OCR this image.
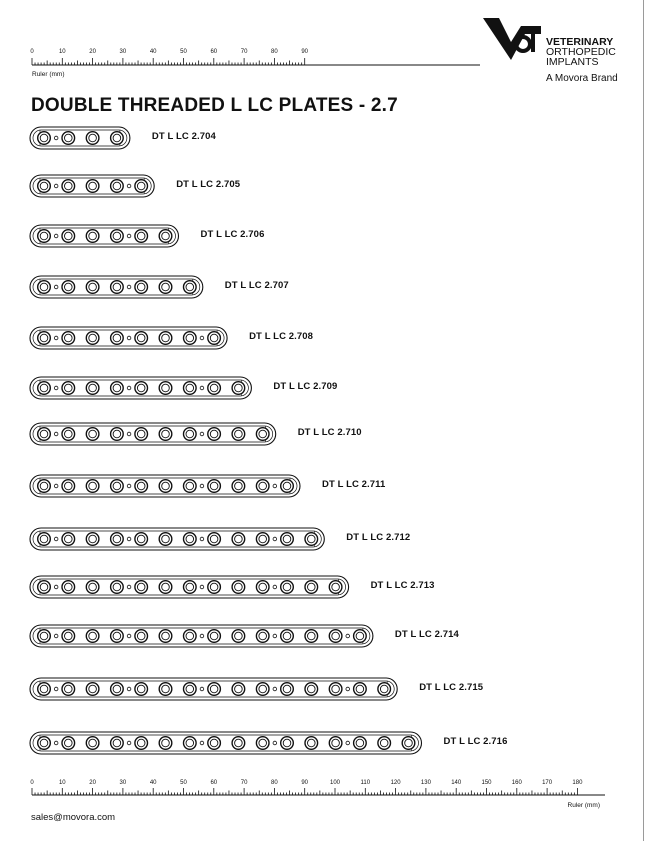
VETERINARY
ORTHOPEDIC
IMPLANTS
A Movora Brand
0	10	20	30	40	50	60	70	80	90
Ruler (mm)
DOUBLE THREADED L LC PLATES - 2.7
DT L LC 2.704
DT L LC 2.705
DT L LC 2.706
DT L LC 2.707
DT L LC 2.708
DT L LC 2.709
DT L LC 2.710
DT L LC 2.711
DT L LC 2.712
DT L LC 2.713
DT L LC 2.714
DT L LC 2.715
DT L LC 2.716
0	10	20	30	40	50	60	70	80	90	100	110	120	130	140	150	160	170	180
Ruler (mm)
sales@movora.com
